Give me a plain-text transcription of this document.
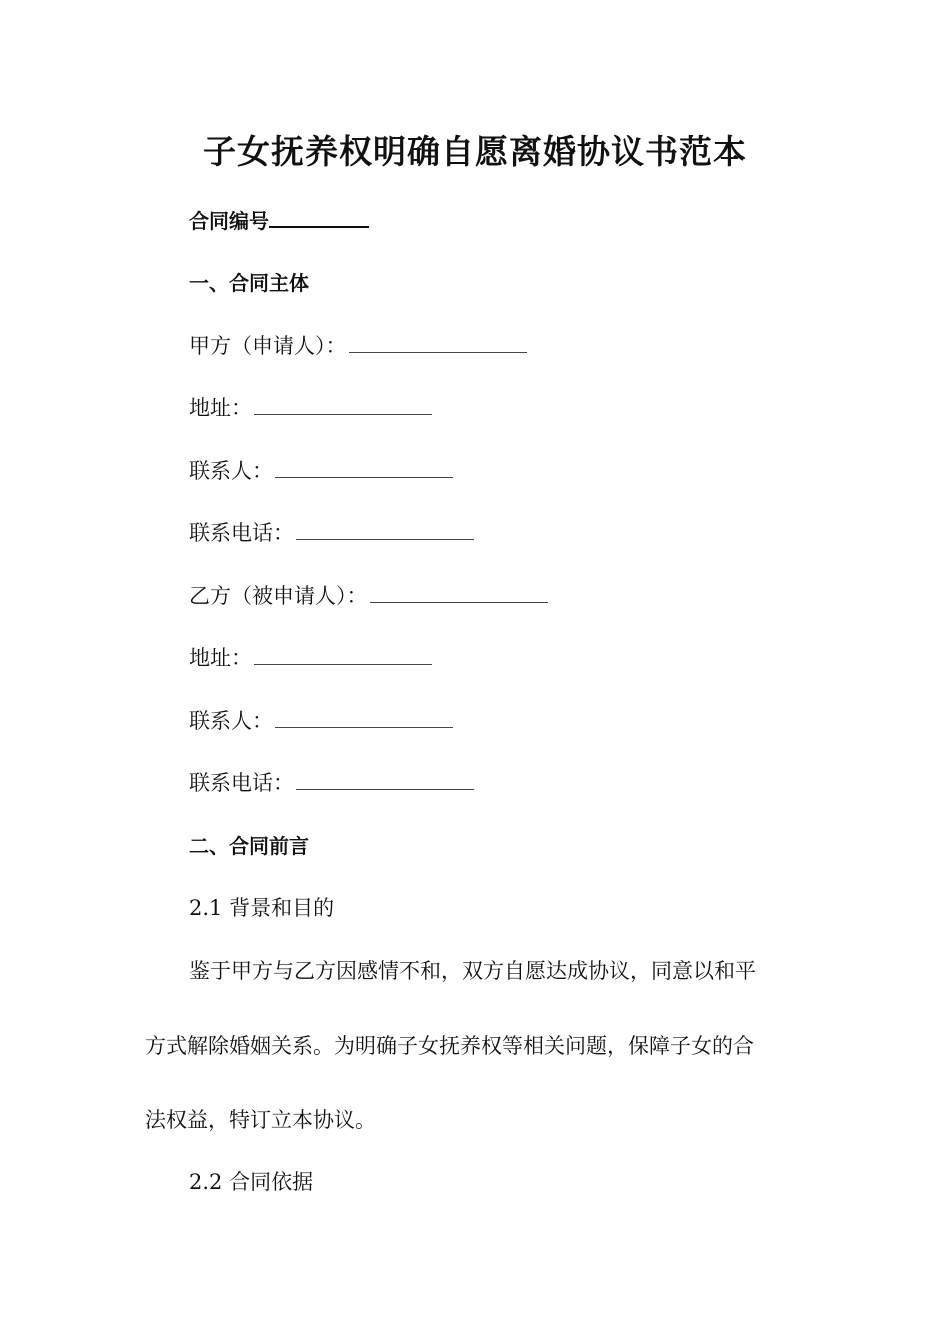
子女抚养权明确自愿离婚协议书范本

合同编号

一、合同主体

甲方（申请人）：

地址：

联系人：

联系电话：

乙方（被申请人）：

地址：

联系人：

联系电话：

二、合同前言

2.1 背景和目的

鉴于甲方与乙方因感情不和，双方自愿达成协议，同意以和平

方式解除婚姻关系。为明确子女抚养权等相关问题，保障子女的合

法权益，特订立本协议。

2.2 合同依据
